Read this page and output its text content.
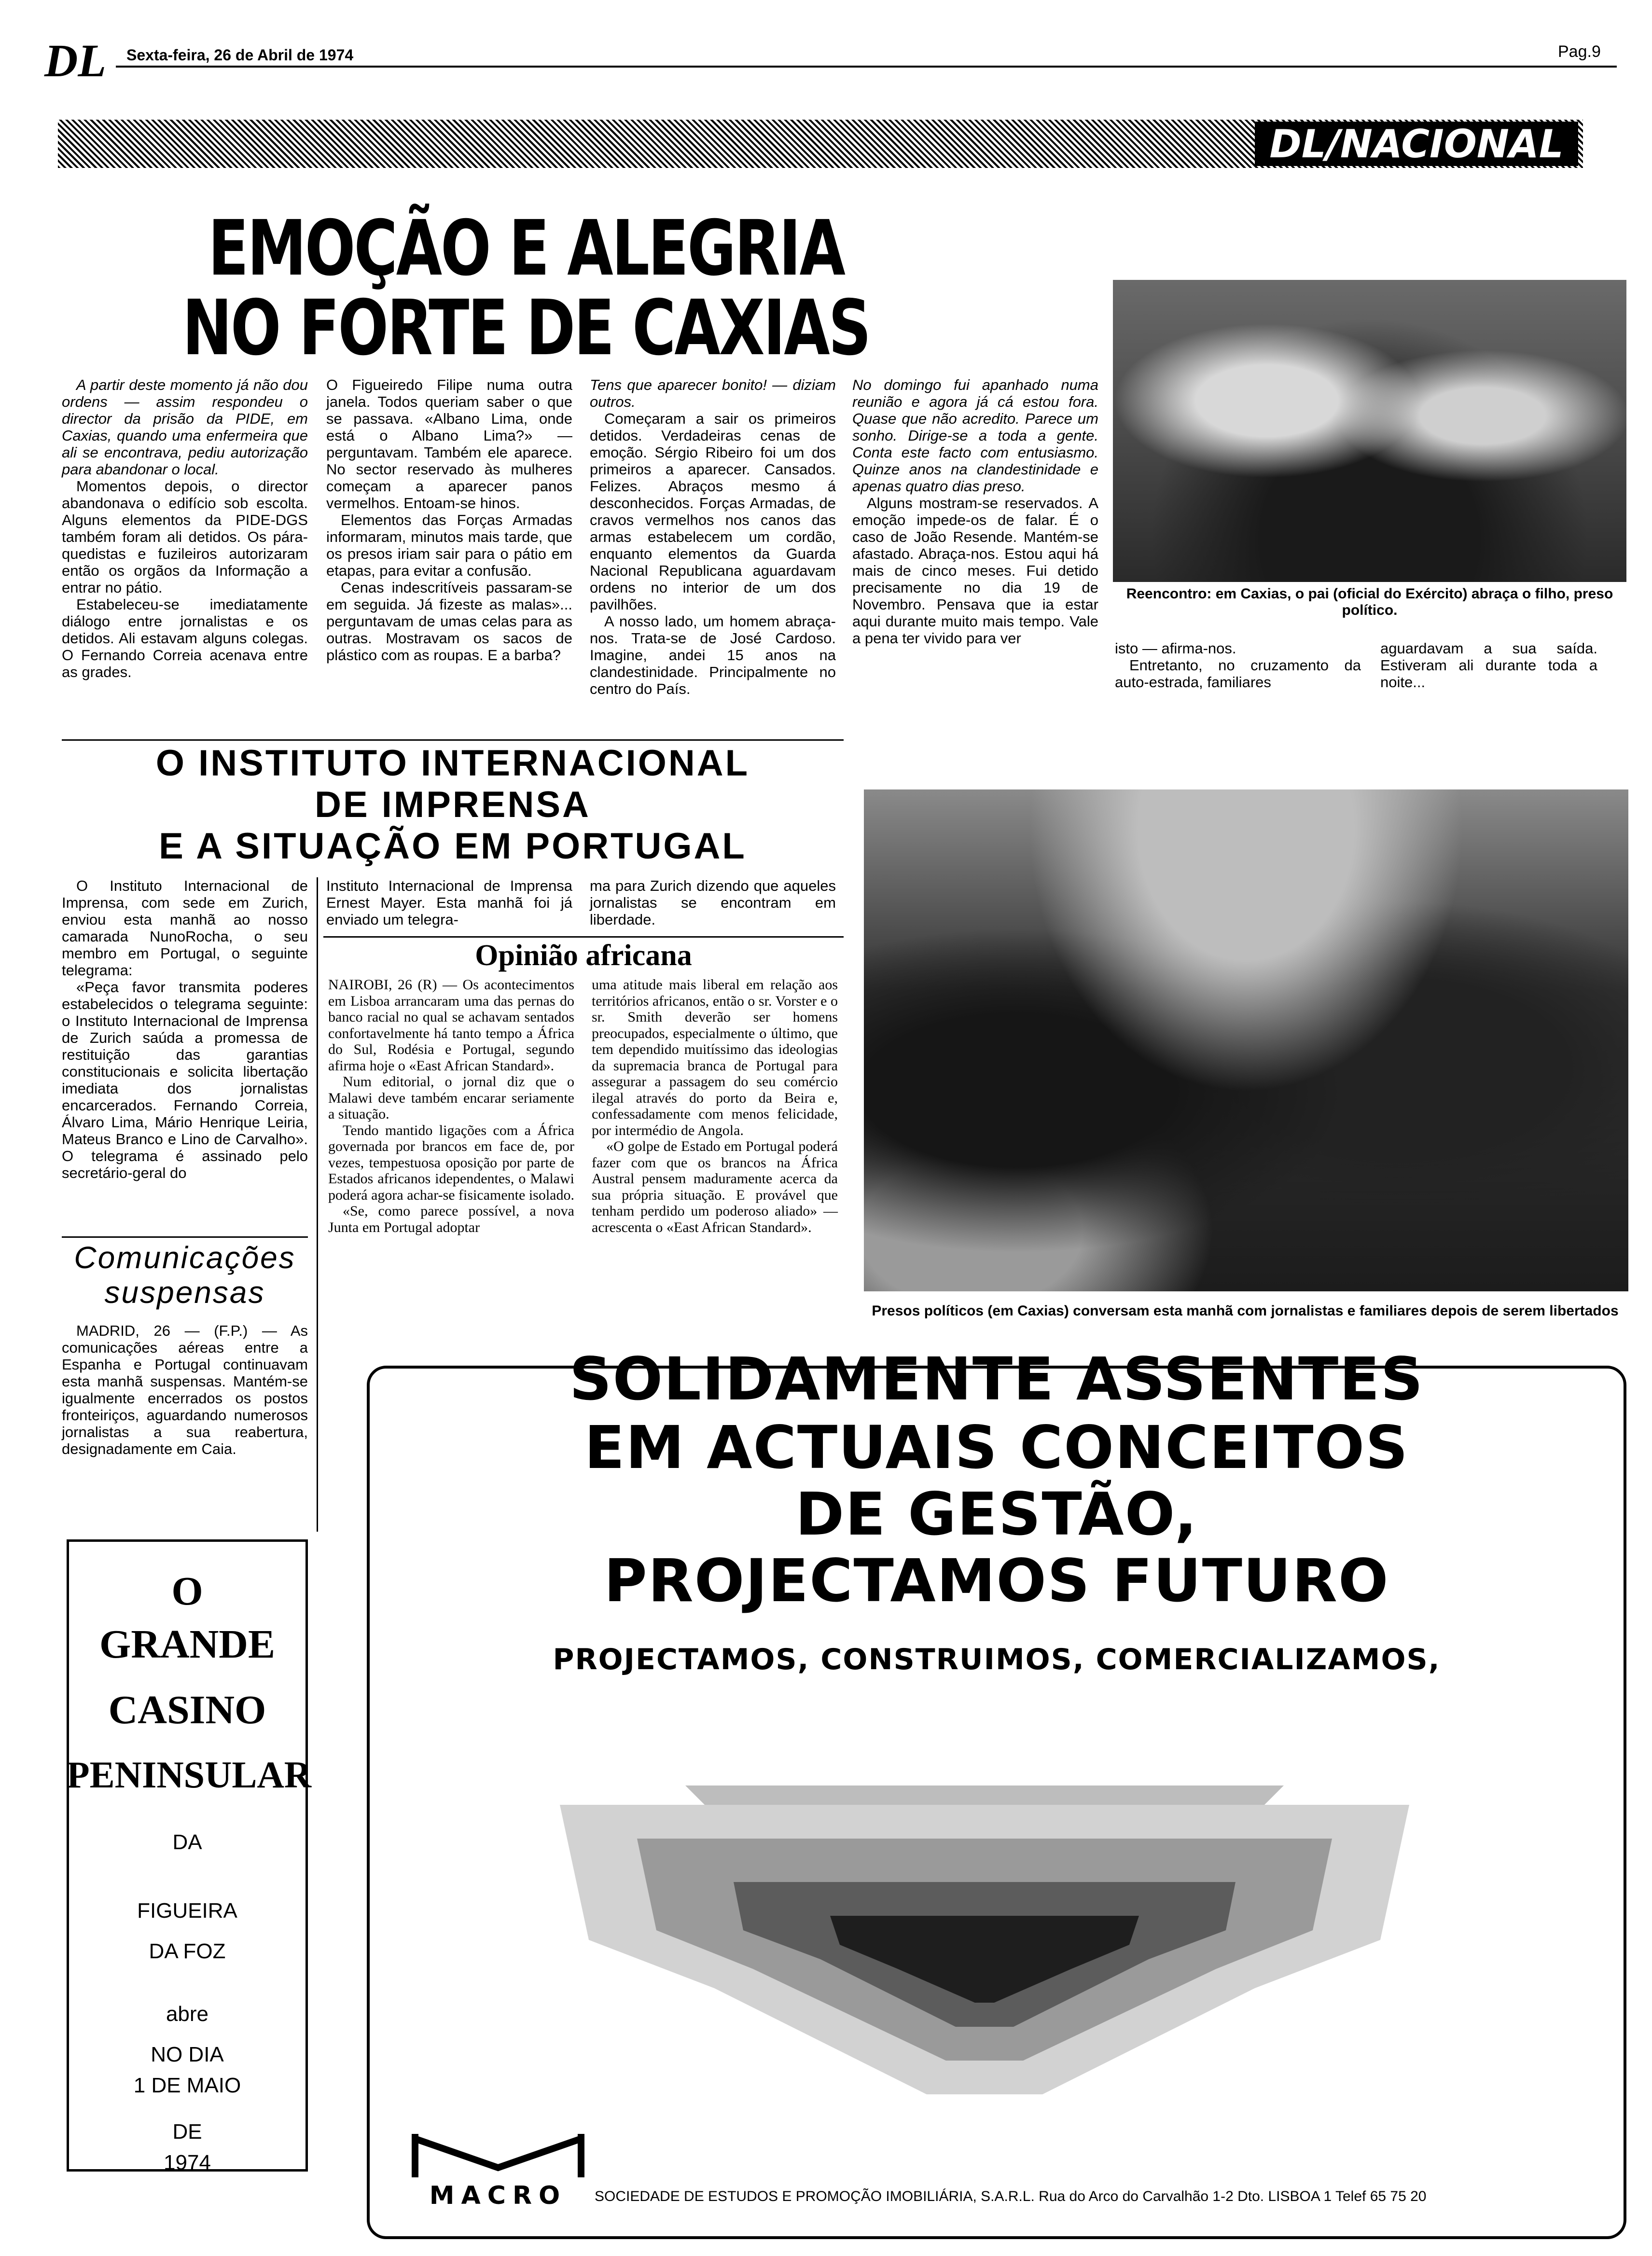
DL Sexta-feira, 26 de Abril de 1974	Pag.9
DL/NACIONAL
EMOÇÃO E ALEGRIA
NO FORTE DE CAXIAS

A partir deste momento já não dou ordens — assim respondeu o director da prisão da PIDE, em Caxias, quando uma enfermeira que ali se encontrava, pediu autorização para abandonar o local.

Momentos depois, o director abandonava o edifício sob escolta. Alguns elementos da PIDE-DGS também foram ali detidos. Os pára-quedistas e fuzileiros autorizaram então os orgãos da Informação a entrar no pátio.

Estabeleceu-se imediatamente diálogo entre jornalistas e os detidos. Ali estavam alguns colegas. O Fernando Correia acenava entre as grades.

O Figueiredo Filipe numa outra janela. Todos queriam saber o que se passava. «Albano Lima, onde está o Albano Lima?» — perguntavam. Também ele aparece. No sector reservado às mulheres começam a aparecer panos vermelhos. Entoam-se hinos.

Elementos das Forças Armadas informaram, minutos mais tarde, que os presos iriam sair para o pátio em etapas, para evitar a confusão.

Cenas indescritíveis passaram-se em seguida. Já fizeste as malas»... perguntavam de umas celas para as outras. Mostravam os sacos de plástico com as roupas. E a barba?

Tens que aparecer bonito! — diziam outros.

Começaram a sair os primeiros detidos. Verdadeiras cenas de emoção. Sérgio Ribeiro foi um dos primeiros a aparecer. Cansados. Felizes. Abraços mesmo á desconhecidos. Forças Armadas, de cravos vermelhos nos canos das armas estabelecem um cordão, enquanto elementos da Guarda Nacional Republicana aguardavam ordens no interior de um dos pavilhões.

A nosso lado, um homem abraça-nos. Trata-se de José Cardoso. Imagine, andei 15 anos na clandestinidade. Principalmente no centro do País.

No domingo fui apanhado numa reunião e agora já cá estou fora. Quase que não acredito. Parece um sonho. Dirige-se a toda a gente. Conta este facto com entusiasmo. Quinze anos na clandestinidade e apenas quatro dias preso.

Alguns mostram-se reservados. A emoção impede-os de falar. É o caso de João Resende. Mantém-se afastado. Abraça-nos. Estou aqui há mais de cinco meses. Fui detido precisamente no dia 19 de Novembro. Pensava que ia estar aqui durante muito mais tempo. Vale a pena ter vivido para ver

isto — afirma-nos.

Entretanto, no cruzamento da auto-estrada, familiares

aguardavam a sua saída. Estiveram ali durante toda a noite...

Reencontro: em Caxias, o pai (oficial do Exército) abraça o filho, preso político.
O INSTITUTO INTERNACIONAL
DE IMPRENSA
E A SITUAÇÃO EM PORTUGAL

O Instituto Internacional de Imprensa, com sede em Zurich, enviou esta manhã ao nosso camarada NunoRocha, o seu membro em Portugal, o seguinte telegrama:

«Peça favor transmita poderes estabelecidos o telegrama seguinte: o Instituto Internacional de Imprensa de Zurich saúda a promessa de restituição das garantias constitucionais e solicita libertação imediata dos jornalistas encarcerados. Fernando Correia, Álvaro Lima, Mário Henrique Leiria, Mateus Branco e Lino de Carvalho». O telegrama é assinado pelo secretário-geral do

Instituto Internacional de Imprensa Ernest Mayer. Esta manhã foi já enviado um telegra-

ma para Zurich dizendo que aqueles jornalistas se encontram em liberdade.

Opinião africana

NAIROBI, 26 (R) — Os acontecimentos em Lisboa arrancaram uma das pernas do banco racial no qual se achavam sentados confortavelmente há tanto tempo a África do Sul, Rodésia e Portugal, segundo afirma hoje o «East African Standard».

Num editorial, o jornal diz que o Malawi deve também encarar seriamente a situação.

Tendo mantido ligações com a África governada por brancos em face de, por vezes, tempestuosa oposição por parte de Estados africanos idependentes, o Malawi poderá agora achar-se fisicamente isolado.

«Se, como parece possível, a nova Junta em Portugal adoptar

uma atitude mais liberal em relação aos territórios africanos, então o sr. Vorster e o sr. Smith deverão ser homens preocupados, especialmente o último, que tem dependido muitíssimo das ideologias da supremacia branca de Portugal para assegurar a passagem do seu comércio ilegal através do porto da Beira e, confessadamente com menos felicidade, por intermédio de Angola.

«O golpe de Estado em Portugal poderá fazer com que os brancos na África Austral pensem maduramente acerca da sua própria situação. E provável que tenham perdido um poderoso aliado» — acrescenta o «East African Standard».

Presos políticos (em Caxias) conversam esta manhã com jornalistas e familiares depois de serem libertados
Comunicações
suspensas

MADRID, 26 — (F.P.) — As comunicações aéreas entre a Espanha e Portugal continuavam esta manhã suspensas. Mantém-se igualmente encerrados os postos fronteiriços, aguardando numerosos jornalistas a sua reabertura, designadamente em Caia.

O
GRANDE
CASINO
PENINSULAR
DA
FIGUEIRA
DA FOZ
abre
NO DIA
1 DE MAIO
DE
1974
SOLIDAMENTE ASSENTES
EM ACTUAIS CONCEITOS
DE GESTÃO,
PROJECTAMOS FUTURO
PROJECTAMOS, CONSTRUIMOS, COMERCIALIZAMOS,
MACRO	SOCIEDADE DE ESTUDOS E PROMOÇÃO IMOBILIÁRIA, S.A.R.L. Rua do Arco do Carvalhão 1-2 Dto. LISBOA 1 Telef 65 75 20
